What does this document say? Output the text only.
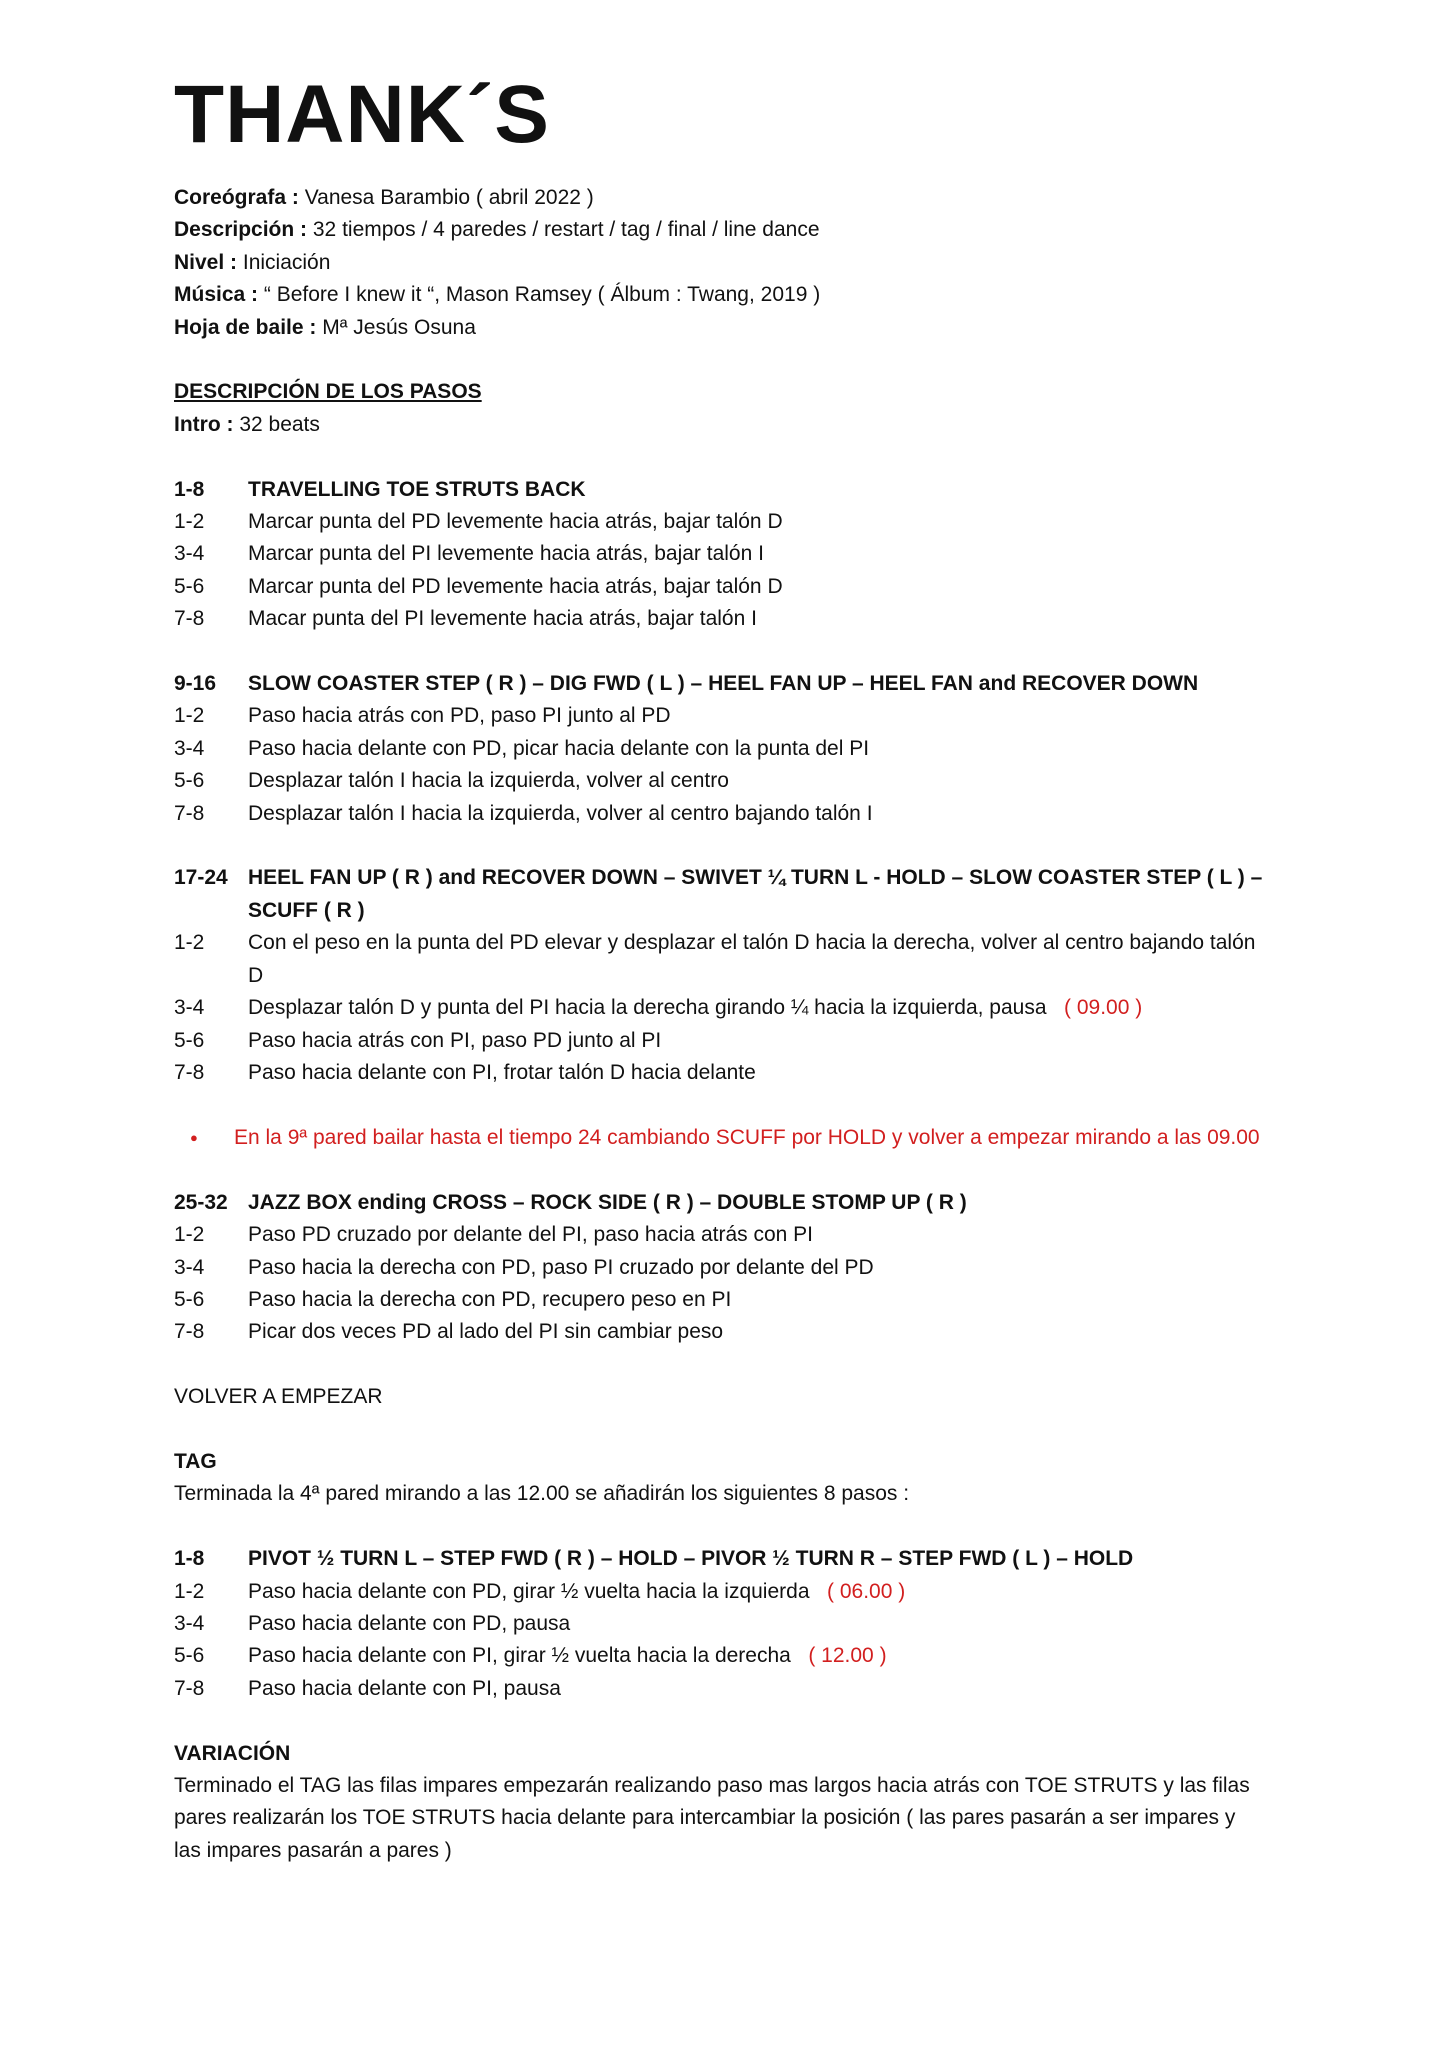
THANK´S
Coreógrafa : Vanesa Barambio ( abril 2022 )
Descripción : 32 tiempos / 4 paredes / restart / tag / final / line dance
Nivel : Iniciación
Música : “ Before I knew it “, Mason Ramsey ( Álbum : Twang, 2019 )
Hoja de baile : Mª Jesús Osuna
DESCRIPCIÓN DE LOS PASOS
Intro : 32 beats
1-8	TRAVELLING TOE STRUTS BACK
1-2	Marcar punta del PD levemente hacia atrás, bajar talón D
3-4	Marcar punta del PI levemente hacia atrás, bajar talón I
5-6	Marcar punta del PD levemente hacia atrás, bajar talón D
7-8	Macar punta del PI levemente hacia atrás, bajar talón I
9-16	SLOW COASTER STEP ( R ) – DIG FWD ( L ) – HEEL FAN UP – HEEL FAN and RECOVER DOWN
1-2	Paso hacia atrás con PD, paso PI junto al PD
3-4	Paso hacia delante con PD, picar hacia delante con la punta del PI
5-6	Desplazar talón I hacia la izquierda, volver al centro
7-8	Desplazar talón I hacia la izquierda, volver al centro bajando talón I
17-24 HEEL FAN UP ( R ) and RECOVER DOWN – SWIVET ¼ TURN L - HOLD – SLOW COASTER STEP ( L ) – SCUFF ( R )
1-2	Con el peso en la punta del PD elevar y desplazar el talón D hacia la derecha, volver al centro bajando talón D
3-4	Desplazar talón D y punta del PI hacia la derecha girando ¼ hacia la izquierda, pausa ( 09.00 )
5-6	Paso hacia atrás con PI, paso PD junto al PI
7-8	Paso hacia delante con PI, frotar talón D hacia delante
●
En la 9ª pared bailar hasta el tiempo 24 cambiando SCUFF por HOLD y volver a empezar mirando a las 09.00
25-32 JAZZ BOX ending CROSS – ROCK SIDE ( R ) – DOUBLE STOMP UP ( R )
1-2	Paso PD cruzado por delante del PI, paso hacia atrás con PI
3-4	Paso hacia la derecha con PD, paso PI cruzado por delante del PD
5-6	Paso hacia la derecha con PD, recupero peso en PI
7-8	Picar dos veces PD al lado del PI sin cambiar peso
VOLVER A EMPEZAR
TAG
Terminada la 4ª pared mirando a las 12.00 se añadirán los siguientes 8 pasos :
1-8	PIVOT ½ TURN L – STEP FWD ( R ) – HOLD – PIVOR ½ TURN R – STEP FWD ( L ) – HOLD
1-2	Paso hacia delante con PD, girar ½ vuelta hacia la izquierda ( 06.00 )
3-4	Paso hacia delante con PD, pausa
5-6	Paso hacia delante con PI, girar ½ vuelta hacia la derecha ( 12.00 )
7-8	Paso hacia delante con PI, pausa
VARIACIÓN
Terminado el TAG las filas impares empezarán realizando paso mas largos hacia atrás con TOE STRUTS y las filas pares realizarán los TOE STRUTS hacia delante para intercambiar la posición ( las pares pasarán a ser impares y las impares pasarán a pares )
